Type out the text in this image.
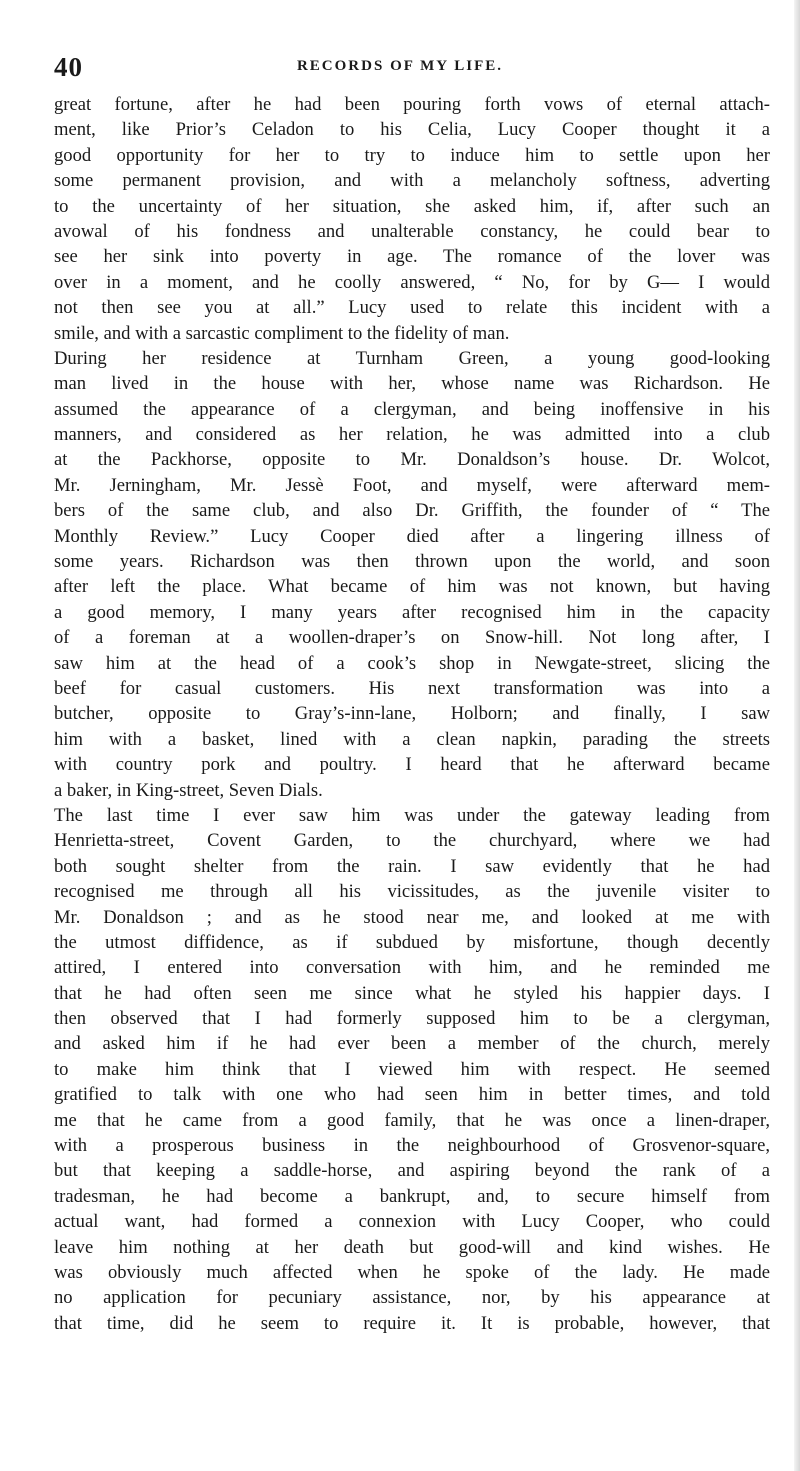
40	RECORDS OF MY LIFE.
great fortune, after he had been pouring forth vows of eternal attach-
ment, like Prior’s Celadon to his Celia, Lucy Cooper thought it a
good opportunity for her to try to induce him to settle upon her
some permanent provision, and with a melancholy softness, adverting
to the uncertainty of her situation, she asked him, if, after such an
avowal of his fondness and unalterable constancy, he could bear to
see her sink into poverty in age. The romance of the lover was
over in a moment, and he coolly answered, “ No, for by G— I would
not then see you at all.” Lucy used to relate this incident with a
smile, and with a sarcastic compliment to the fidelity of man.
During her residence at Turnham Green, a young good-looking
man lived in the house with her, whose name was Richardson. He
assumed the appearance of a clergyman, and being inoffensive in his
manners, and considered as her relation, he was admitted into a club
at the Packhorse, opposite to Mr. Donaldson’s house. Dr. Wolcot,
Mr. Jerningham, Mr. Jessè Foot, and myself, were afterward mem-
bers of the same club, and also Dr. Griffith, the founder of “ The
Monthly Review.” Lucy Cooper died after a lingering illness of
some years. Richardson was then thrown upon the world, and soon
after left the place. What became of him was not known, but having
a good memory, I many years after recognised him in the capacity
of a foreman at a woollen-draper’s on Snow-hill. Not long after, I
saw him at the head of a cook’s shop in Newgate-street, slicing the
beef for casual customers. His next transformation was into a
butcher, opposite to Gray’s-inn-lane, Holborn; and finally, I saw
him with a basket, lined with a clean napkin, parading the streets
with country pork and poultry. I heard that he afterward became
a baker, in King-street, Seven Dials.
The last time I ever saw him was under the gateway leading from
Henrietta-street, Covent Garden, to the churchyard, where we had
both sought shelter from the rain. I saw evidently that he had
recognised me through all his vicissitudes, as the juvenile visiter to
Mr. Donaldson ; and as he stood near me, and looked at me with
the utmost diffidence, as if subdued by misfortune, though decently
attired, I entered into conversation with him, and he reminded me
that he had often seen me since what he styled his happier days. I
then observed that I had formerly supposed him to be a clergyman,
and asked him if he had ever been a member of the church, merely
to make him think that I viewed him with respect. He seemed
gratified to talk with one who had seen him in better times, and told
me that he came from a good family, that he was once a linen-draper,
with a prosperous business in the neighbourhood of Grosvenor-square,
but that keeping a saddle-horse, and aspiring beyond the rank of a
tradesman, he had become a bankrupt, and, to secure himself from
actual want, had formed a connexion with Lucy Cooper, who could
leave him nothing at her death but good-will and kind wishes. He
was obviously much affected when he spoke of the lady. He made
no application for pecuniary assistance, nor, by his appearance at
that time, did he seem to require it. It is probable, however, that
